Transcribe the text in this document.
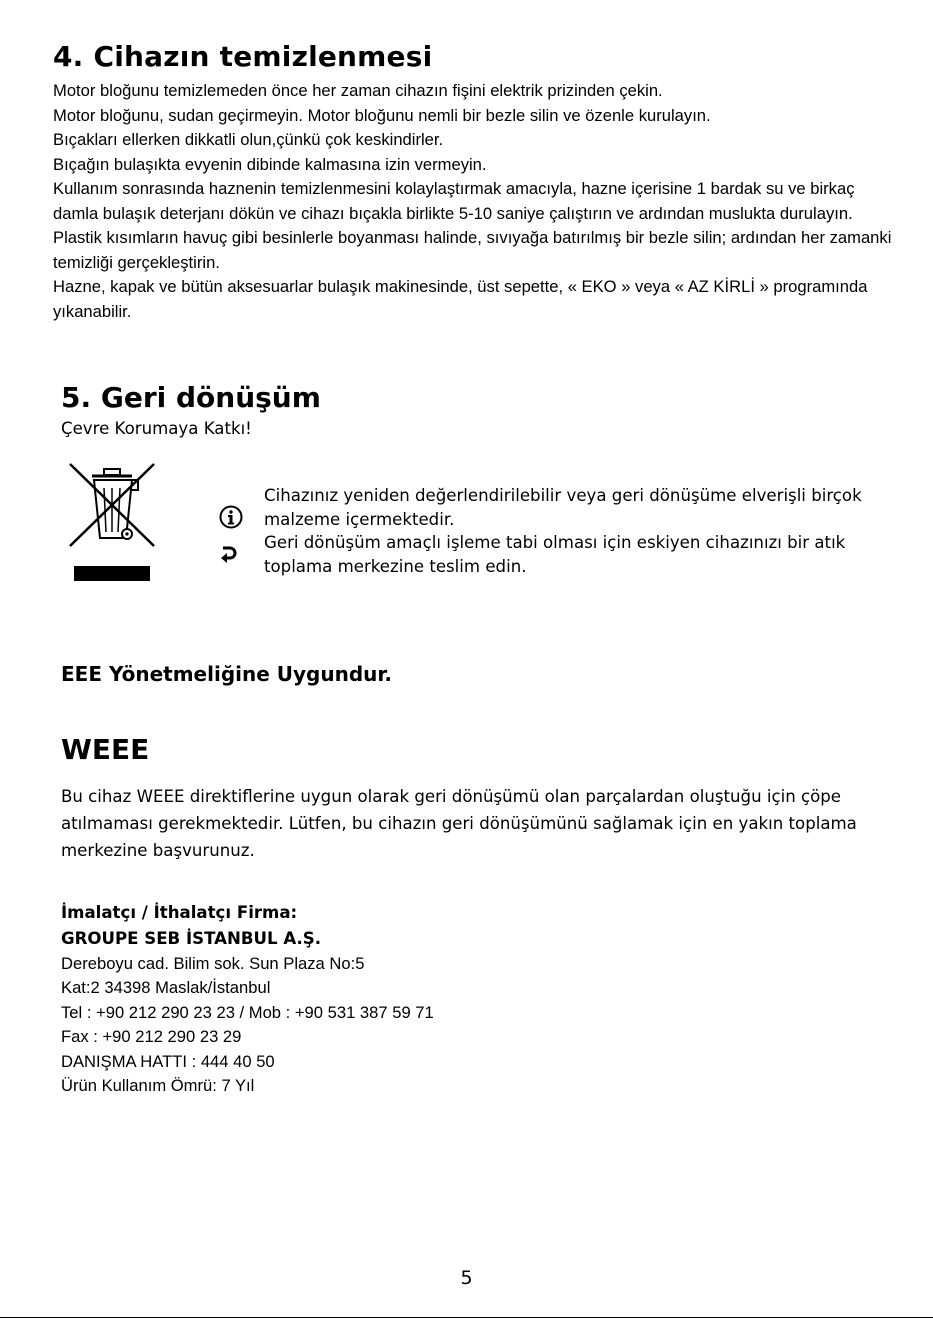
4. Cihazın temizlenmesi

Motor bloğunu temizlemeden önce her zaman cihazın fişini elektrik prizinden çekin.

Motor bloğunu, sudan geçirmeyin. Motor bloğunu nemli bir bezle silin ve özenle kurulayın.

Bıçakları ellerken dikkatli olun,çünkü çok keskindirler.

Bıçağın bulaşıkta evyenin dibinde kalmasına izin vermeyin.

Kullanım sonrasında haznenin temizlenmesini kolaylaştırmak amacıyla, hazne içerisine 1 bardak su ve birkaç damla bulaşık deterjanı dökün ve cihazı bıçakla birlikte 5-10 saniye çalıştırın ve ardından muslukta durulayın.

Plastik kısımların havuç gibi besinlerle boyanması halinde, sıvıyağa batırılmış bir bezle silin; ardından her zamanki temizliği gerçekleştirin.

Hazne, kapak ve bütün aksesuarlar bulaşık makinesinde, üst sepette, « EKO » veya « AZ KİRLİ » programında yıkanabilir.

5. Geri dönüşüm

Çevre Korumaya Katkı!

Cihazınız yeniden değerlendirilebilir veya geri dönüşüme elverişli birçok malzeme içermektedir.

Geri dönüşüm amaçlı işleme tabi olması için eskiyen cihazınızı bir atık toplama merkezine teslim edin.

EEE Yönetmeliğine Uygundur.
WEEE

Bu cihaz WEEE direktiflerine uygun olarak geri dönüşümü olan parçalardan oluştuğu için çöpe atılmaması gerekmektedir. Lütfen, bu cihazın geri dönüşümünü sağlamak için en yakın toplama merkezine başvurunuz.

İmalatçı / İthalatçı Firma:

GROUPE SEB İSTANBUL A.Ş.

Dereboyu cad. Bilim sok. Sun Plaza No:5

Kat:2 34398 Maslak/İstanbul

Tel : +90 212 290 23 23 / Mob : +90 531 387 59 71

Fax : +90 212 290 23 29

DANIŞMA HATTI : 444 40 50

Ürün Kullanım Ömrü: 7 Yıl

5
